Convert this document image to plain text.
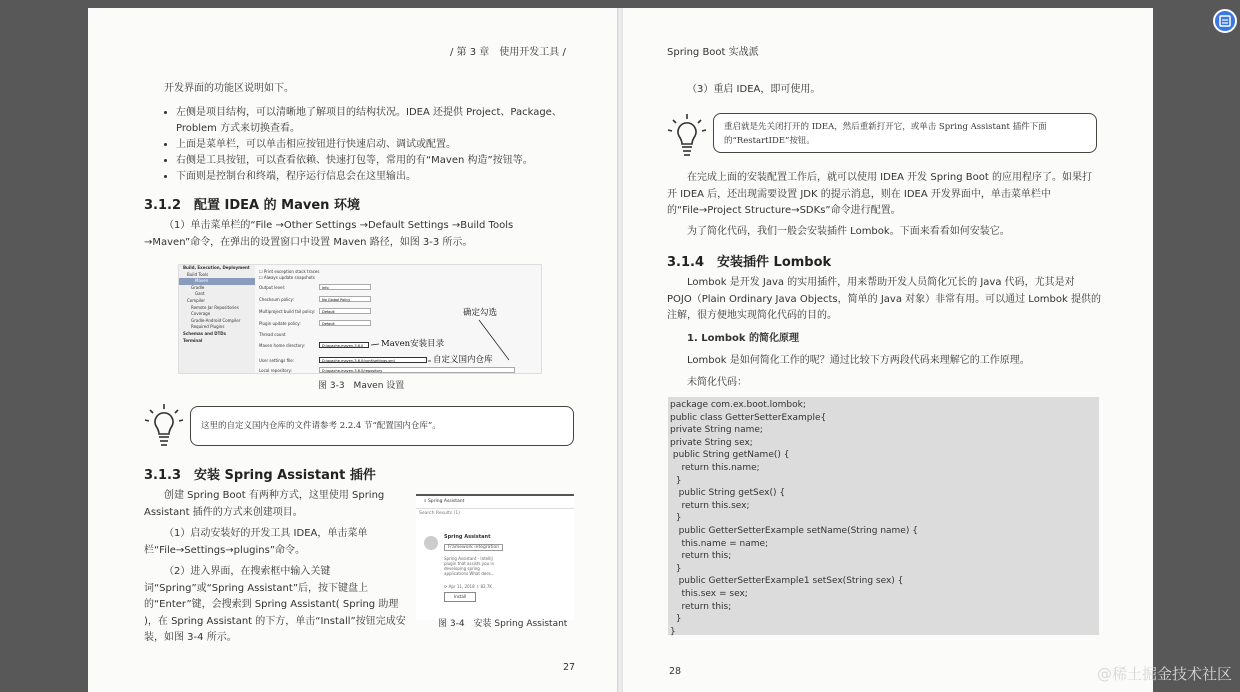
/ 第 3 章　使用开发工具 /
开发界面的功能区说明如下。
• 左侧是项目结构，可以清晰地了解项目的结构状况。IDEA 还提供 Project、Package、Problem 方式来切换查看。
• 上面是菜单栏，可以单击相应按钮进行快速启动、调试或配置。
• 右侧是工具按钮，可以查看依赖、快速打包等，常用的有“Maven 构造”按钮等。
• 下面则是控制台和终端，程序运行信息会在这里输出。
3.1.2　配置 IDEA 的 Maven 环境
（1）单击菜单栏的“File →Other Settings →Default Settings →Build Tools →Maven”命令，在弹出的设置窗口中设置 Maven 路径，如图 3-3 所示。
Build, Execution, Deployment
Build Tools
Maven
Gradle
Gant
Compiler
Remote Jar Repositories
Coverage
Gradle-Android Compiler
Required Plugins
Schemas and DTDs
Terminal
☐ Print exception stack traces
☐ Always update snapshots
Output level:	Info
Checksum policy:	No Global Policy
Multiproject build fail policy:	Default
Plugin update policy:	Default
Thread count
Maven home directory:	D:/apache-maven-3.6.0
User settings file:	D:/apache-maven-3.6.0/conf/settings.xml
Local repository:	D:/apache-maven-3.6.0/repository
确定勾选
Maven安装目录
自定义国内仓库
图 3-3　Maven 设置
这里的自定义国内仓库的文件请参考 2.2.4 节“配置国内仓库”。
3.1.3　安装 Spring Assistant 插件
创建 Spring Boot 有两种方式，这里使用 Spring Assistant 插件的方式来创建项目。
（1）启动安装好的开发工具 IDEA，单击菜单栏“File→Settings→plugins”命令。
（2）进入界面，在搜索框中输入关键词“Spring”或“Spring Assistant”后，按下键盘上的“Enter”键，会搜索到 Spring Assistant( Spring 助理 )，在 Spring Assistant 的下方，单击“Install”按钮完成安装，如图 3-4 所示。
⌕ Spring Assistant
Search Results (1)
Spring Assistant
Framework integration
Spring Assistant - IntelliJ plugin that assists you in developing spring applications What does...
⟳ Apr 11, 2018 ⇩ 82.7K
Install
图 3-4　安装 Spring Assistant
27
Spring Boot 实战派
（3）重启 IDEA，即可使用。
重启就是先关闭打开的 IDEA，然后重新打开它，或单击 Spring Assistant 插件下面的“RestartIDE”按钮。
在完成上面的安装配置工作后，就可以使用 IDEA 开发 Spring Boot 的应用程序了。如果打开 IDEA 后，还出现需要设置 JDK 的提示消息，则在 IDEA 开发界面中，单击菜单栏中的“File→Project Structure→SDKs”命令进行配置。
为了简化代码，我们一般会安装插件 Lombok。下面来看看如何安装它。
3.1.4　安装插件 Lombok
Lombok 是开发 Java 的实用插件，用来帮助开发人员简化冗长的 Java 代码，尤其是对 POJO（Plain Ordinary Java Objects，简单的 Java 对象）非常有用。可以通过 Lombok 提供的注解，很方便地实现简化代码的目的。
1. Lombok 的简化原理
Lombok 是如何简化工作的呢？通过比较下方两段代码来理解它的工作原理。
未简化代码：
package com.ex.boot.lombok;
public class GetterSetterExample{
private String name;
private String sex;
public String getName() {
return this.name;
}
public String getSex() {
return this.sex;
}
public GetterSetterExample setName(String name) {
this.name = name;
return this;
}
public GetterSetterExample1 setSex(String sex) {
this.sex = sex;
return this;
}
}
28	@稀土掘金技术社区
